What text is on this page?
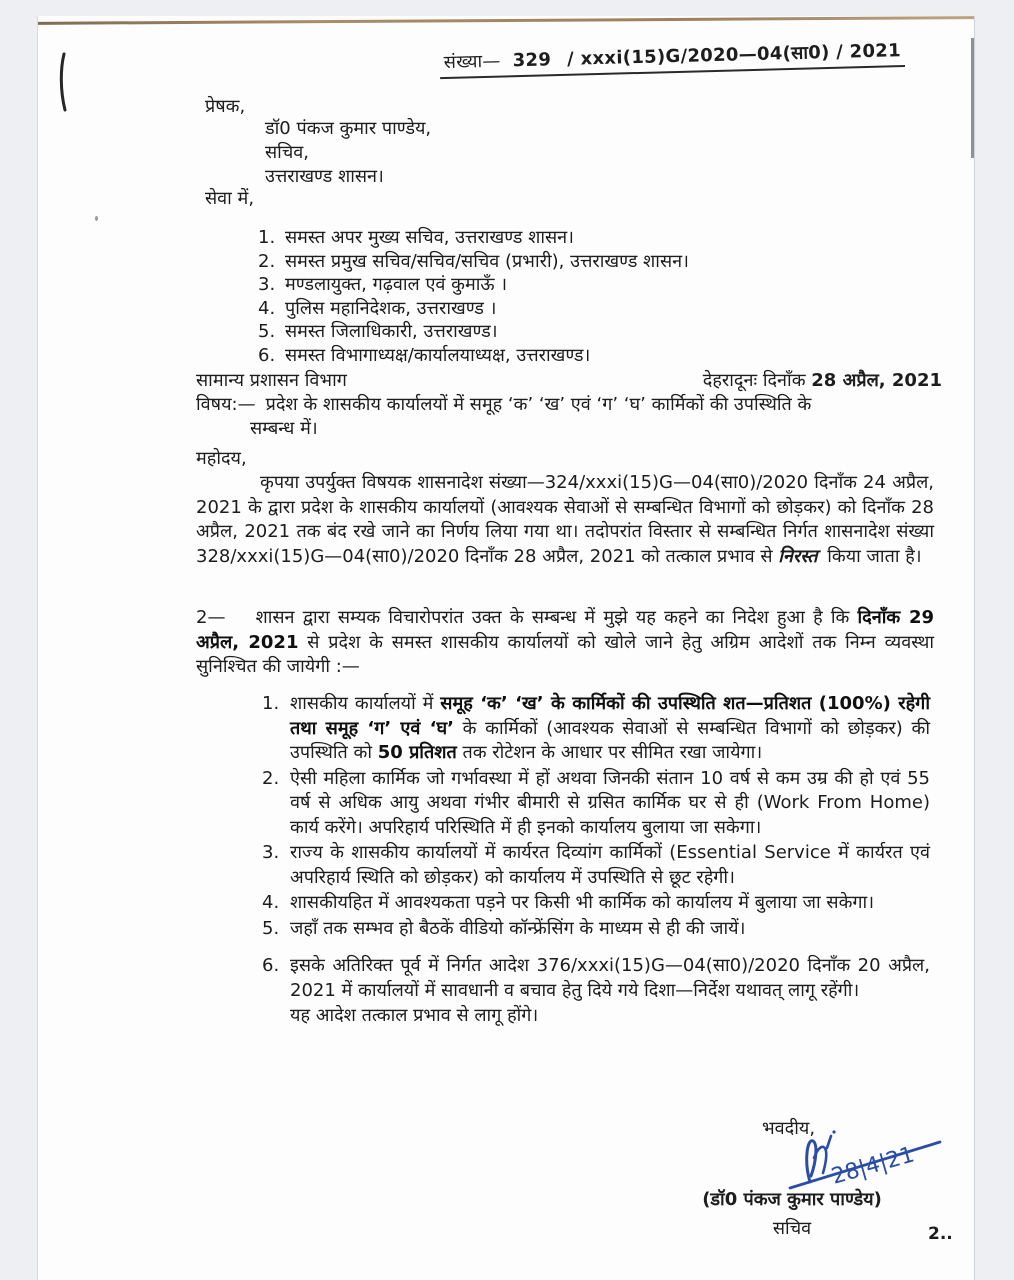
संख्या— 329 / xxxi(15)G/2020—04(सा0) / 2021
प्रेषक,
डॉ0 पंकज कुमार पाण्डेय,
सचिव,
उत्तराखण्ड शासन।
सेवा में,
1. समस्त अपर मुख्य सचिव, उत्तराखण्ड शासन।
2. समस्त प्रमुख सचिव/सचिव/सचिव (प्रभारी), उत्तराखण्ड शासन।
3. मण्डलायुक्त, गढ़वाल एवं कुमाऊँ ।
4. पुलिस महानिदेशक, उत्तराखण्ड ।
5. समस्त जिलाधिकारी, उत्तराखण्ड।
6. समस्त विभागाध्यक्ष/कार्यालयाध्यक्ष, उत्तराखण्ड।
सामान्य प्रशासन विभाग	देहरादूनः दिनाँक 28 अप्रैल, 2021
विषय:— प्रदेश के शासकीय कार्यालयों में समूह ‘क’ ‘ख’ एवं ‘ग’ ‘घ’ कार्मिकों की उपस्थिति के
सम्बन्ध में।
महोदय,
कृपया उपर्युक्त विषयक शासनादेश संख्या—324/xxxi(15)G—04(सा0)/2020 दिनाँक 24 अप्रैल, 2021 के द्वारा प्रदेश के शासकीय कार्यालयों (आवश्यक सेवाओं से सम्बन्धित विभागों को छोड़कर) को दिनाँक 28 अप्रैल, 2021 तक बंद रखे जाने का निर्णय लिया गया था। तदोपरांत विस्तार से सम्बन्धित निर्गत शासनादेश संख्या 328/xxxi(15)G—04(सा0)/2020 दिनाँक 28 अप्रैल, 2021 को तत्काल प्रभाव से निरस्त किया जाता है।
2— शासन द्वारा सम्यक विचारोपरांत उक्त के सम्बन्ध में मुझे यह कहने का निदेश हुआ है कि दिनाँक 29 अप्रैल, 2021 से प्रदेश के समस्त शासकीय कार्यालयों को खोले जाने हेतु अग्रिम आदेशों तक निम्न व्यवस्था सुनिश्चित की जायेगी :—
1. शासकीय कार्यालयों में समूह ‘क’ ‘ख’ के कार्मिकों की उपस्थिति शत—प्रतिशत (100%) रहेगी तथा समूह ‘ग’ एवं ‘घ’ के कार्मिकों (आवश्यक सेवाओं से सम्बन्धित विभागों को छोड़कर) की उपस्थिति को 50 प्रतिशत तक रोटेशन के आधार पर सीमित रखा जायेगा।
2. ऐसी महिला कार्मिक जो गर्भावस्था में हों अथवा जिनकी संतान 10 वर्ष से कम उम्र की हो एवं 55 वर्ष से अधिक आयु अथवा गंभीर बीमारी से ग्रसित कार्मिक घर से ही (Work From Home) कार्य करेंगे। अपरिहार्य परिस्थिति में ही इनको कार्यालय बुलाया जा सकेगा।
3. राज्य के शासकीय कार्यालयों में कार्यरत दिव्यांग कार्मिकों (Essential Service में कार्यरत एवं अपरिहार्य स्थिति को छोड़कर) को कार्यालय में उपस्थिति से छूट रहेगी।
4. शासकीयहित में आवश्यकता पड़ने पर किसी भी कार्मिक को कार्यालय में बुलाया जा सकेगा।
5. जहाँ तक सम्भव हो बैठकें वीडियो कॉन्फ्रेंसिंग के माध्यम से ही की जायें।
6. इसके अतिरिक्त पूर्व में निर्गत आदेश 376/xxxi(15)G—04(सा0)/2020 दिनाँक 20 अप्रैल, 2021 में कार्यालयों में सावधानी व बचाव हेतु दिये गये दिशा—निर्देश यथावत् लागू रहेंगी।
यह आदेश तत्काल प्रभाव से लागू होंगे।
भवदीय,
28|4|21
(डॉ0 पंकज कुमार पाण्डेय)
सचिव	2..
